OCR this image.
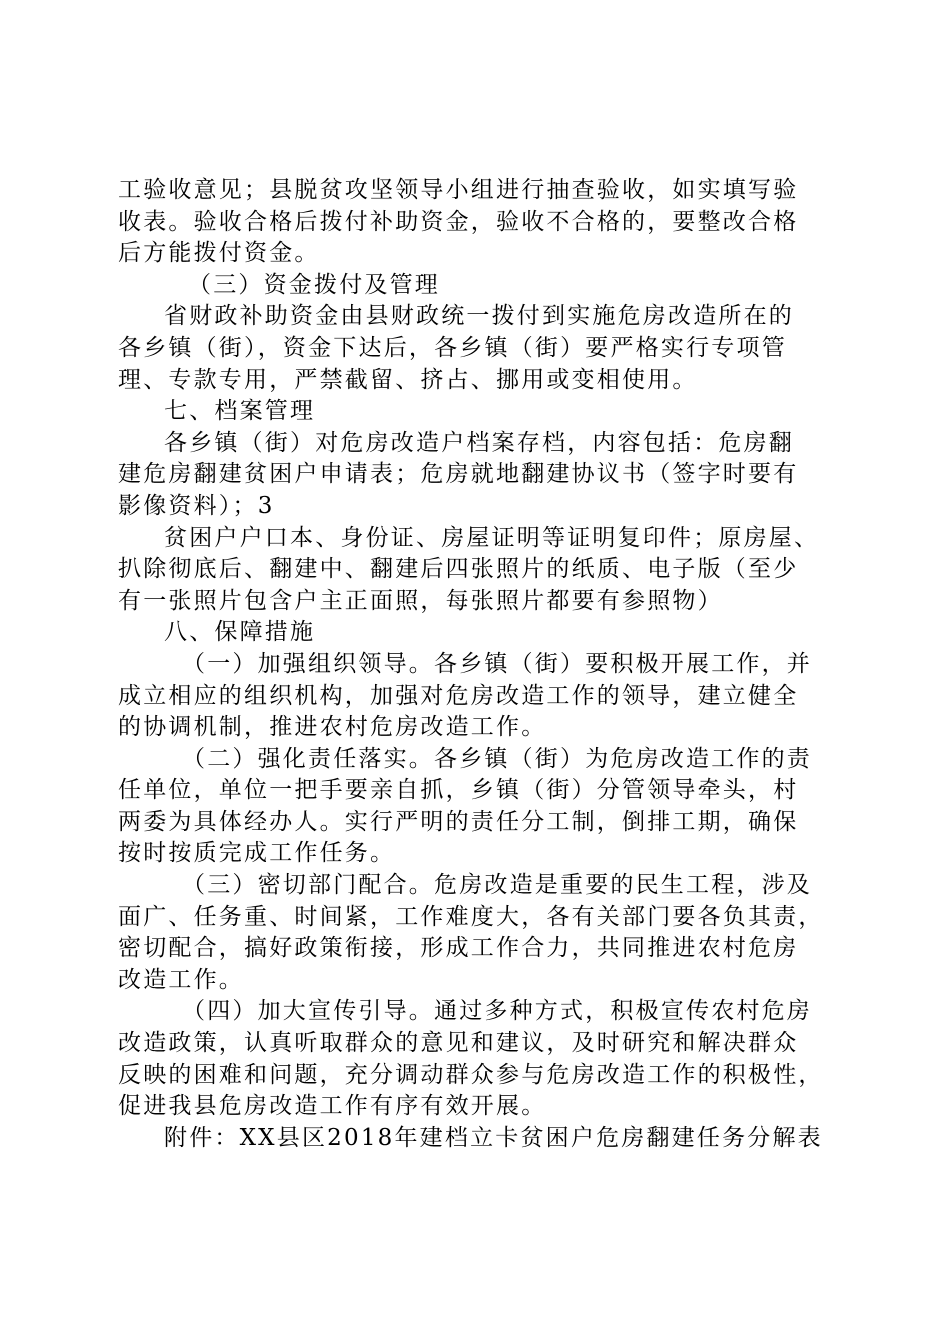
工验收意见；县脱贫攻坚领导小组进行抽查验收，如实填写验
收表。验收合格后拨付补助资金，验收不合格的，要整改合格
后方能拨付资金。
（三）资金拨付及管理
省财政补助资金由县财政统一拨付到实施危房改造所在的
各乡镇（街），资金下达后，各乡镇（街）要严格实行专项管
理、专款专用，严禁截留、挤占、挪用或变相使用。
七、档案管理
各乡镇（街）对危房改造户档案存档，内容包括：危房翻
建危房翻建贫困户申请表；危房就地翻建协议书（签字时要有
影像资料）；3
贫困户户口本、身份证、房屋证明等证明复印件；原房屋、
扒除彻底后、翻建中、翻建后四张照片的纸质、电子版（至少
有一张照片包含户主正面照，每张照片都要有参照物）
八、保障措施
（一）加强组织领导。各乡镇（街）要积极开展工作，并
成立相应的组织机构，加强对危房改造工作的领导，建立健全
的协调机制，推进农村危房改造工作。
（二）强化责任落实。各乡镇（街）为危房改造工作的责
任单位，单位一把手要亲自抓，乡镇（街）分管领导牵头，村
两委为具体经办人。实行严明的责任分工制，倒排工期，确保
按时按质完成工作任务。
（三）密切部门配合。危房改造是重要的民生工程，涉及
面广、任务重、时间紧，工作难度大，各有关部门要各负其责，
密切配合，搞好政策衔接，形成工作合力，共同推进农村危房
改造工作。
（四）加大宣传引导。通过多种方式，积极宣传农村危房
改造政策，认真听取群众的意见和建议，及时研究和解决群众
反映的困难和问题，充分调动群众参与危房改造工作的积极性，
促进我县危房改造工作有序有效开展。
附件：XX县区2018年建档立卡贫困户危房翻建任务分解表
